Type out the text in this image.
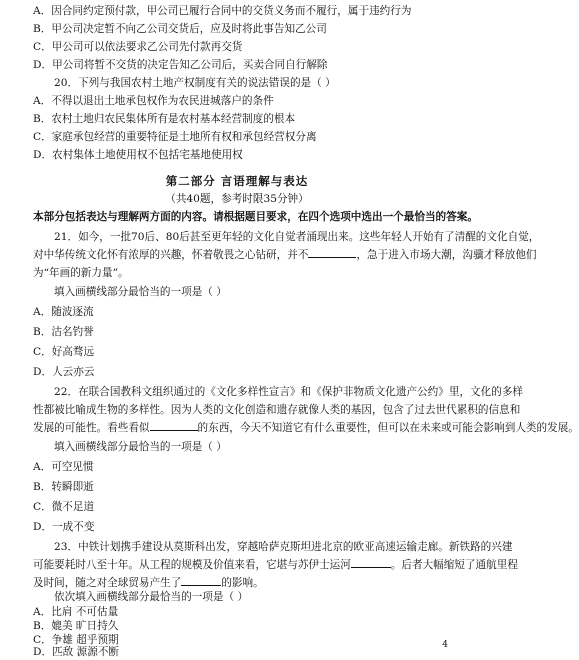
A．因合同约定预付款，甲公司已履行合同中的交货义务而不履行，属于违约行为
B．甲公司决定暂不向乙公司交货后，应及时将此事告知乙公司
C．甲公司可以依法要求乙公司先付款再交货
D．甲公司将暂不交货的决定告知乙公司后，买卖合同自行解除
20．下列与我国农村土地产权制度有关的说法错误的是（ ）
A．不得以退出土地承包权作为农民进城落户的条件
B．农村土地归农民集体所有是农村基本经营制度的根本
C．家庭承包经营的重要特征是土地所有权和承包经营权分离
D．农村集体土地使用权不包括宅基地使用权
第二部分 言语理解与表达
（共40题，参考时限35分钟）
本部分包括表达与理解两方面的内容。请根据题目要求，在四个选项中选出一个最恰当的答案。
21．如今，一批70后、80后甚至更年轻的文化自觉者涌现出来。这些年轻人开始有了清醒的文化自觉，
对中华传统文化怀有浓厚的兴趣，怀着敬畏之心钻研，并不	，急于进入市场大潮，沟骥才释放他们
为“年画的新力量”。
填入画横线部分最恰当的一项是（ ）
A．随波逐流
B．沽名钓誉
C．好高骛远
D．人云亦云
22．在联合国教科文组织通过的《文化多样性宣言》和《保护非物质文化遗产公约》里，文化的多样
性都被比喻成生物的多样性。因为人类的文化创造和遗存就像人类的基因，包含了过去世代累积的信息和
发展的可能性。看些看似	的东西，今天不知道它有什么重要性，但可以在未来或可能会影响到人类的发展。
填入画横线部分最恰当的一项是（ ）
A．可空见惯
B．转瞬即逝
C．微不足道
D．一成不变
23．中铁计划携手建设从莫斯科出发，穿越哈萨克斯坦进北京的欧亚高速运输走廊。新铁路的兴建
可能要耗时八至十年。从工程的规模及价值来看，它堪与苏伊士运河	。后者大幅缩短了通航里程
及时间，随之对全球贸易产生了	的影响。
依次填入画横线部分最恰当的一项是（ ）
A．比肩 不可估量
4
B．媲美 旷日持久
C．争雄 超乎预期
D．匹敌 源源不断
